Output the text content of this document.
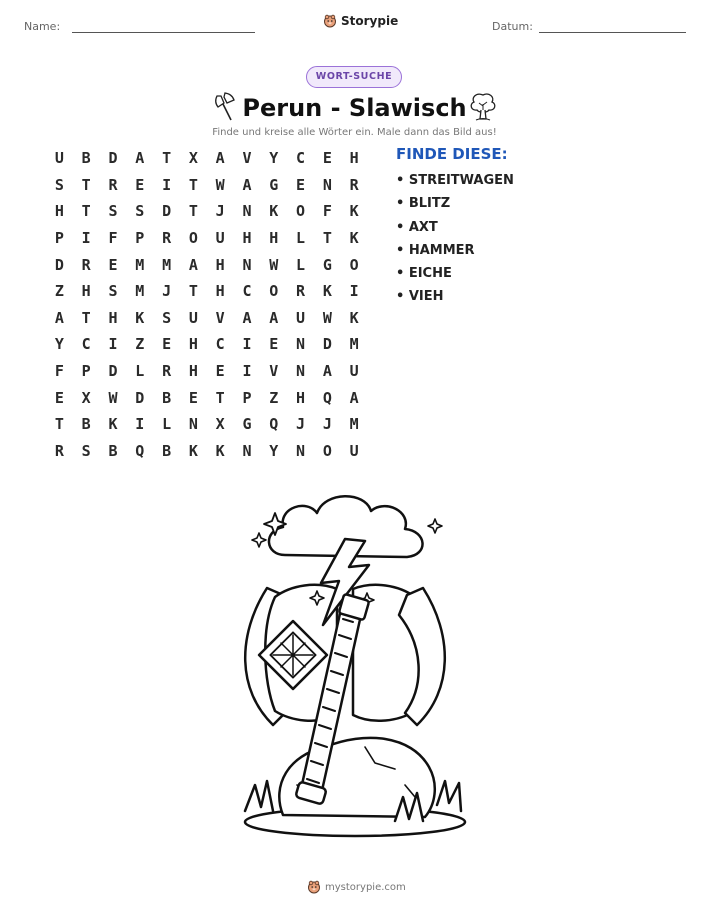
Name:	Storypie	Datum:
WORT-SUCHE
Perun - Slawisch
Finde und kreise alle Wörter ein. Male dann das Bild aus!
U	B	D	A	T	X	A	V	Y	C	E	H
S	T	R	E	I	T	W	A	G	E	N	R
H	T	S	S	D	T	J	N	K	O	F	K
P	I	F	P	R	O	U	H	H	L	T	K
D	R	E	M	M	A	H	N	W	L	G	O
Z	H	S	M	J	T	H	C	O	R	K	I
A	T	H	K	S	U	V	A	A	U	W	K
Y	C	I	Z	E	H	C	I	E	N	D	M
F	P	D	L	R	H	E	I	V	N	A	U
E	X	W	D	B	E	T	P	Z	H	Q	A
T	B	K	I	L	N	X	G	Q	J	J	M
R	S	B	Q	B	K	K	N	Y	N	O	U
FINDE DIESE:
• STREITWAGEN
• BLITZ
• AXT
• HAMMER
• EICHE
• VIEH
mystorypie.com
